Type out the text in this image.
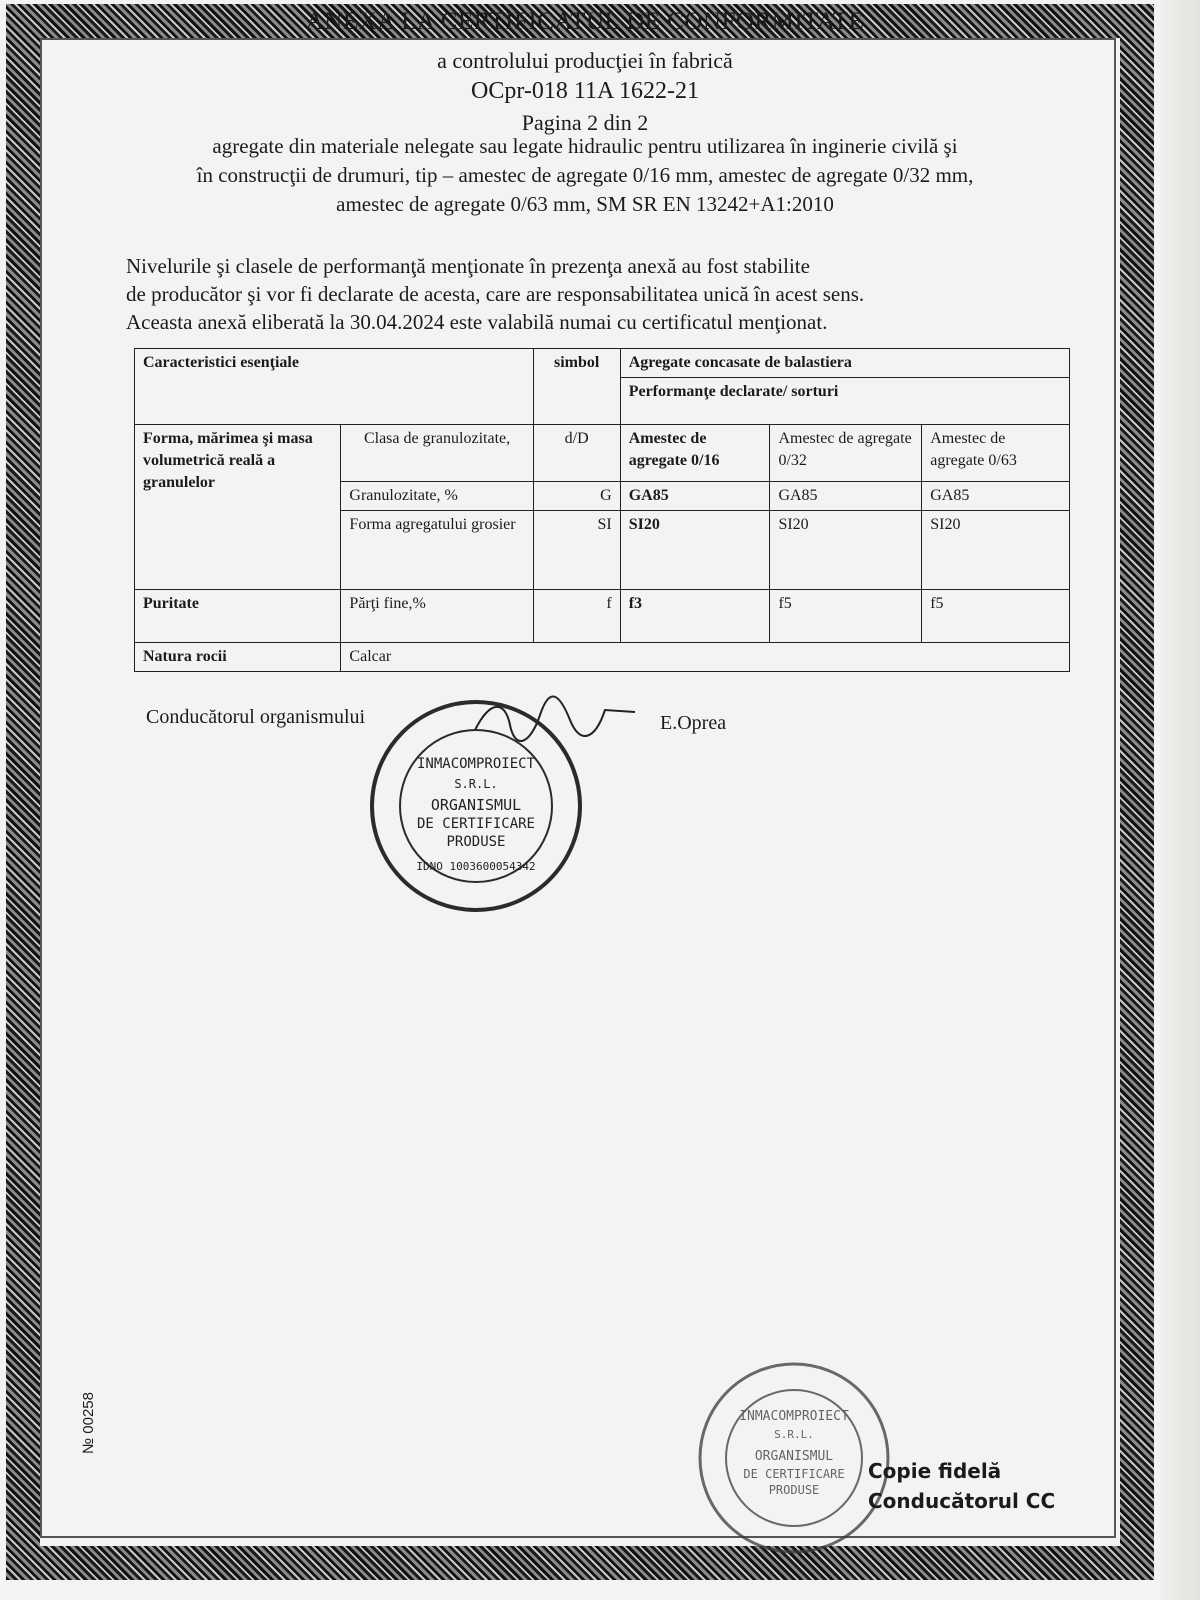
ANEXA LA CERTIFICATUL DE CONFORMITATE
a controlului producţiei în fabrică
OCpr-018 11A 1622-21
Pagina 2 din 2
agregate din materiale nelegate sau legate hidraulic pentru utilizarea în inginerie civilă şi
în construcţii de drumuri, tip – amestec de agregate 0/16 mm, amestec de agregate 0/32 mm,
amestec de agregate 0/63 mm, SM SR EN 13242+A1:2010
Nivelurile şi clasele de performanţă menţionate în prezenţa anexă au fost stabilite
de producător şi vor fi declarate de acesta, care are responsabilitatea unică în acest sens.
Aceasta anexă eliberată la 30.04.2024 este valabilă numai cu certificatul menţionat.
Caracteristici esenţiale		simbol	Agregate concasate de balastiera		
			Performanţe declarate/ sorturi		
Forma, mărimea şi masa volumetrică reală a granulelor	Clasa de granulozitate,	d/D	Amestec de agregate 0/16	Amestec de agregate 0/32	Amestec de agregate 0/63
	Granulozitate, %	G	GA85	GA85	GA85
	Forma agregatului grosier	SI	SI20	SI20	SI20
Puritate	Părţi fine,%	f	f3	f5	f5
Natura rocii	Calcar				
Conducătorul organismului	E.Oprea
INMACOMPROIECT
S.R.L.
ORGANISMUL
DE CERTIFICARE
PRODUSE
IDNO 1003600054342
INMACOMPROIECT
S.R.L.
ORGANISMUL
DE CERTIFICARE
PRODUSE
№ 00258
Copie fidelă
Conducătorul CC
